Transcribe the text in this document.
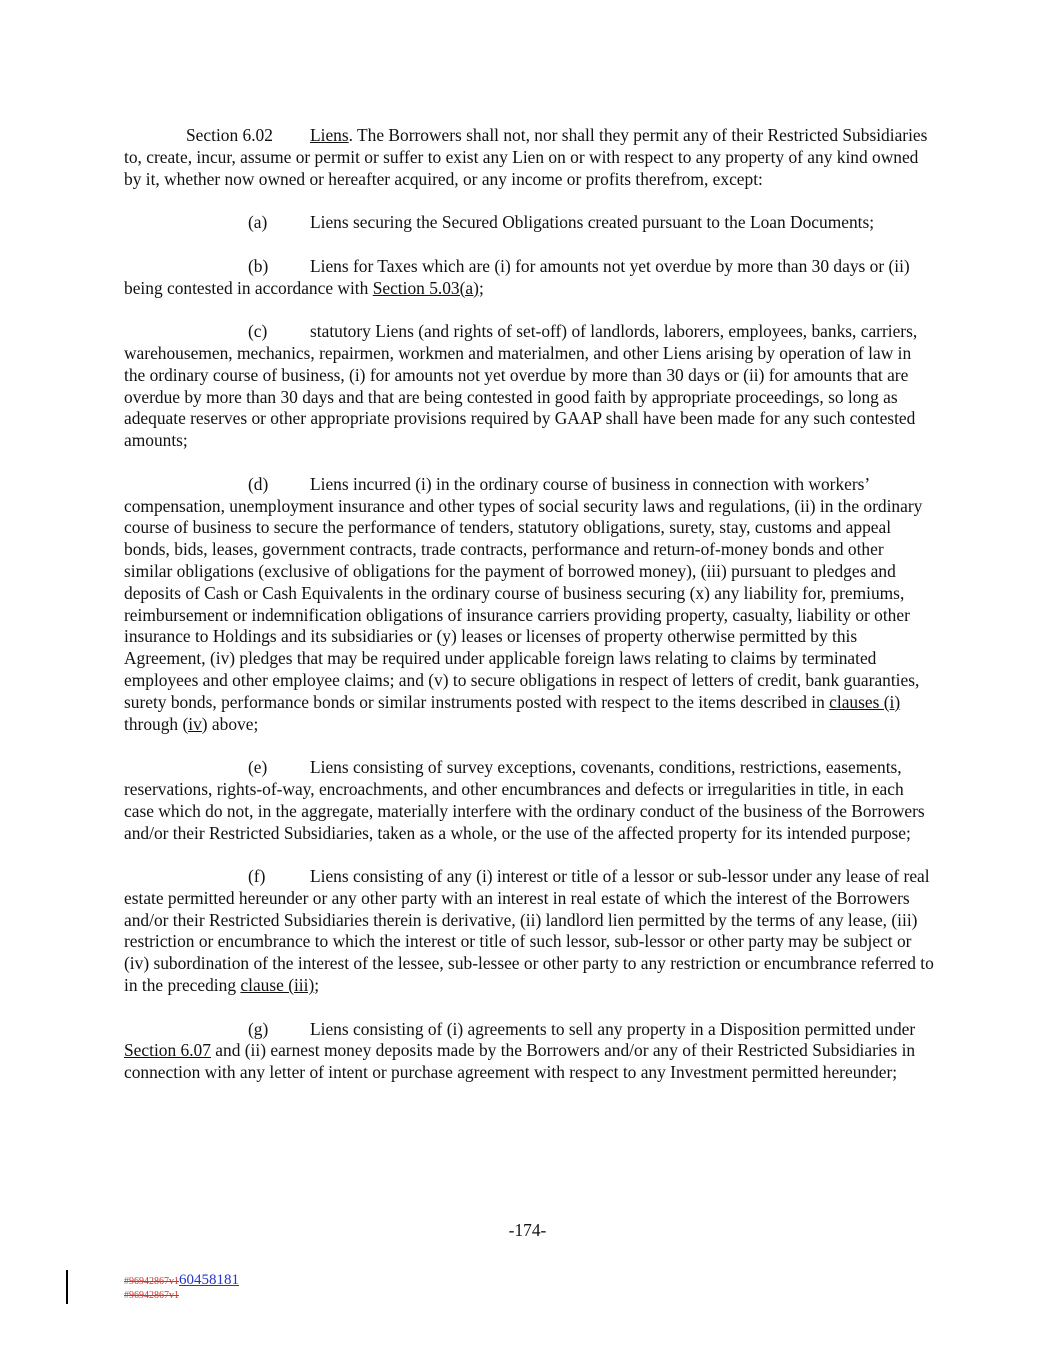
Section 6.02 Liens. The Borrowers shall not, nor shall they permit any of their Restricted Subsidiaries to, create, incur, assume or permit or suffer to exist any Lien on or with respect to any property of any kind owned by it, whether now owned or hereafter acquired, or any income or profits therefrom, except:

(a) Liens securing the Secured Obligations created pursuant to the Loan Documents;

(b) Liens for Taxes which are (i) for amounts not yet overdue by more than 30 days or (ii) being contested in accordance with Section 5.03(a);

(c) statutory Liens (and rights of set-off) of landlords, laborers, employees, banks, carriers, warehousemen, mechanics, repairmen, workmen and materialmen, and other Liens arising by operation of law in the ordinary course of business, (i) for amounts not yet overdue by more than 30 days or (ii) for amounts that are overdue by more than 30 days and that are being contested in good faith by appropriate proceedings, so long as adequate reserves or other appropriate provisions required by GAAP shall have been made for any such contested amounts;

(d) Liens incurred (i) in the ordinary course of business in connection with workers’ compensation, unemployment insurance and other types of social security laws and regulations, (ii) in the ordinary course of business to secure the performance of tenders, statutory obligations, surety, stay, customs and appeal bonds, bids, leases, government contracts, trade contracts, performance and return-of-money bonds and other similar obligations (exclusive of obligations for the payment of borrowed money), (iii) pursuant to pledges and deposits of Cash or Cash Equivalents in the ordinary course of business securing (x) any liability for, premiums, reimbursement or indemnification obligations of insurance carriers providing property, casualty, liability or other insurance to Holdings and its subsidiaries or (y) leases or licenses of property otherwise permitted by this Agreement, (iv) pledges that may be required under applicable foreign laws relating to claims by terminated employees and other employee claims; and (v) to secure obligations in respect of letters of credit, bank guaranties, surety bonds, performance bonds or similar instruments posted with respect to the items described in clauses (i) through (iv) above;

(e) Liens consisting of survey exceptions, covenants, conditions, restrictions, easements, reservations, rights-of-way, encroachments, and other encumbrances and defects or irregularities in title, in each case which do not, in the aggregate, materially interfere with the ordinary conduct of the business of the Borrowers and/or their Restricted Subsidiaries, taken as a whole, or the use of the affected property for its intended purpose;

(f)	Liens consisting of any (i) interest or title of a lessor or sub-lessor under any lease of real estate permitted hereunder or any other party with an interest in real estate of which the interest of the Borrowers and/or their Restricted Subsidiaries therein is derivative, (ii) landlord lien permitted by the terms of any lease, (iii) restriction or encumbrance to which the interest or title of such lessor, sub-lessor or other party may be subject or (iv) subordination of the interest of the lessee, sub-lessee or other party to any restriction or encumbrance referred to in the preceding clause (iii);

(g) Liens consisting of (i) agreements to sell any property in a Disposition permitted under Section 6.07 and (ii) earnest money deposits made by the Borrowers and/or any of their Restricted Subsidiaries in connection with any letter of intent or purchase agreement with respect to any Investment permitted hereunder;

-174-
#96942867v160458181
#96942867v1
